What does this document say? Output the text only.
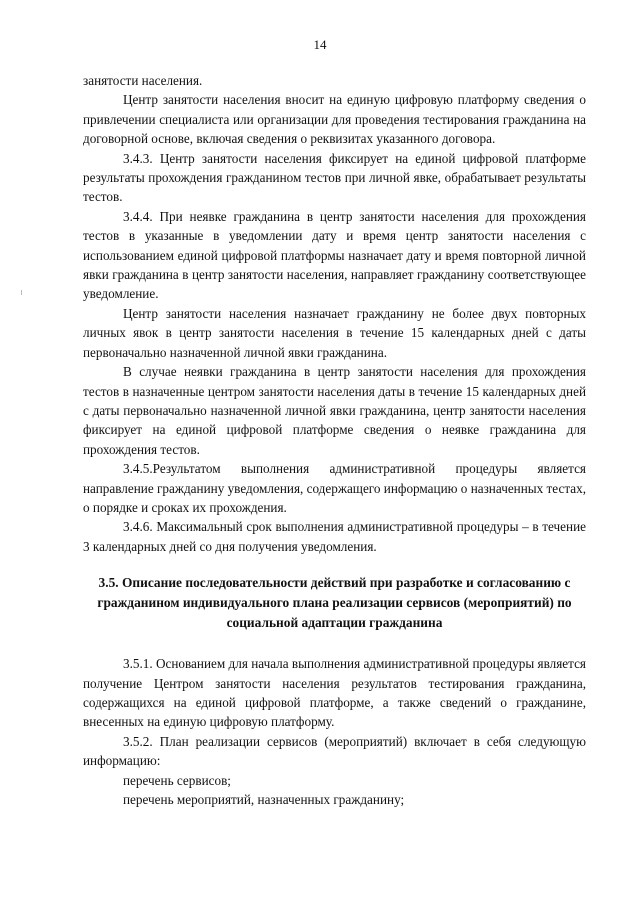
14

занятости населения.

Центр занятости населения вносит на единую цифровую платформу сведения о привлечении специалиста или организации для проведения тестирования гражданина на договорной основе, включая сведения о реквизитах указанного договора.

3.4.3. Центр занятости населения фиксирует на единой цифровой платформе результаты прохождения гражданином тестов при личной явке, обрабатывает результаты тестов.

3.4.4. При неявке гражданина в центр занятости населения для прохождения тестов в указанные в уведомлении дату и время центр занятости населения с использованием единой цифровой платформы назначает дату и время повторной личной явки гражданина в центр занятости населения, направляет гражданину соответствующее уведомление.

Центр занятости населения назначает гражданину не более двух повторных личных явок в центр занятости населения в течение 15 календарных дней с даты первоначально назначенной личной явки гражданина.

В случае неявки гражданина в центр занятости населения для прохождения тестов в назначенные центром занятости населения даты в течение 15 календарных дней с даты первоначально назначенной личной явки гражданина, центр занятости населения фиксирует на единой цифровой платформе сведения о неявке гражданина для прохождения тестов.

3.4.5.Результатом выполнения административной процедуры является направление гражданину уведомления, содержащего информацию о назначенных тестах, о порядке и сроках их прохождения.

3.4.6. Максимальный срок выполнения административной процедуры – в течение 3 календарных дней со дня получения уведомления.

3.5. Описание последовательности действий при разработке и согласованию с гражданином индивидуального плана реализации сервисов (мероприятий) по социальной адаптации гражданина

3.5.1. Основанием для начала выполнения административной процедуры является получение Центром занятости населения результатов тестирования гражданина, содержащихся на единой цифровой платформе, а также сведений о гражданине, внесенных на единую цифровую платформу.

3.5.2. План реализации сервисов (мероприятий) включает в себя следующую информацию:

перечень сервисов;

перечень мероприятий, назначенных гражданину;
